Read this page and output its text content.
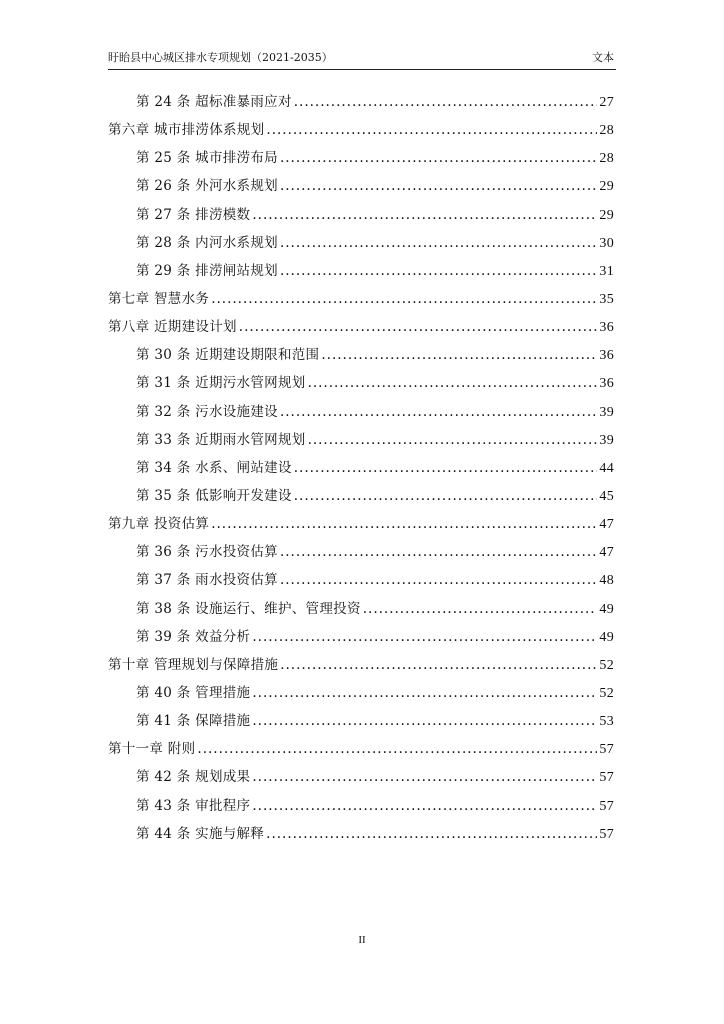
盱眙县中心城区排水专项规划（2021-2035）	文本
第 24 条 超标准暴雨应对 .....	27
第六章 城市排涝体系规划 .....	28
第 25 条 城市排涝布局 .....	28
第 26 条 外河水系规划 .....	29
第 27 条 排涝模数 .....	29
第 28 条 内河水系规划 .....	30
第 29 条 排涝闸站规划 .....	31
第七章 智慧水务 .....	35
第八章 近期建设计划 .....	36
第 30 条 近期建设期限和范围 .....	36
第 31 条 近期污水管网规划 .....	36
第 32 条 污水设施建设 .....	39
第 33 条 近期雨水管网规划 .....	39
第 34 条 水系、闸站建设 .....	44
第 35 条 低影响开发建设 .....	45
第九章 投资估算 .....	47
第 36 条 污水投资估算 .....	47
第 37 条 雨水投资估算 .....	48
第 38 条 设施运行、维护、管理投资 .....	49
第 39 条 效益分析 .....	49
第十章 管理规划与保障措施 .....	52
第 40 条 管理措施 .....	52
第 41 条 保障措施 .....	53
第十一章 附则 .....	57
第 42 条 规划成果 .....	57
第 43 条 审批程序 .....	57
第 44 条 实施与解释 .....	57
II
